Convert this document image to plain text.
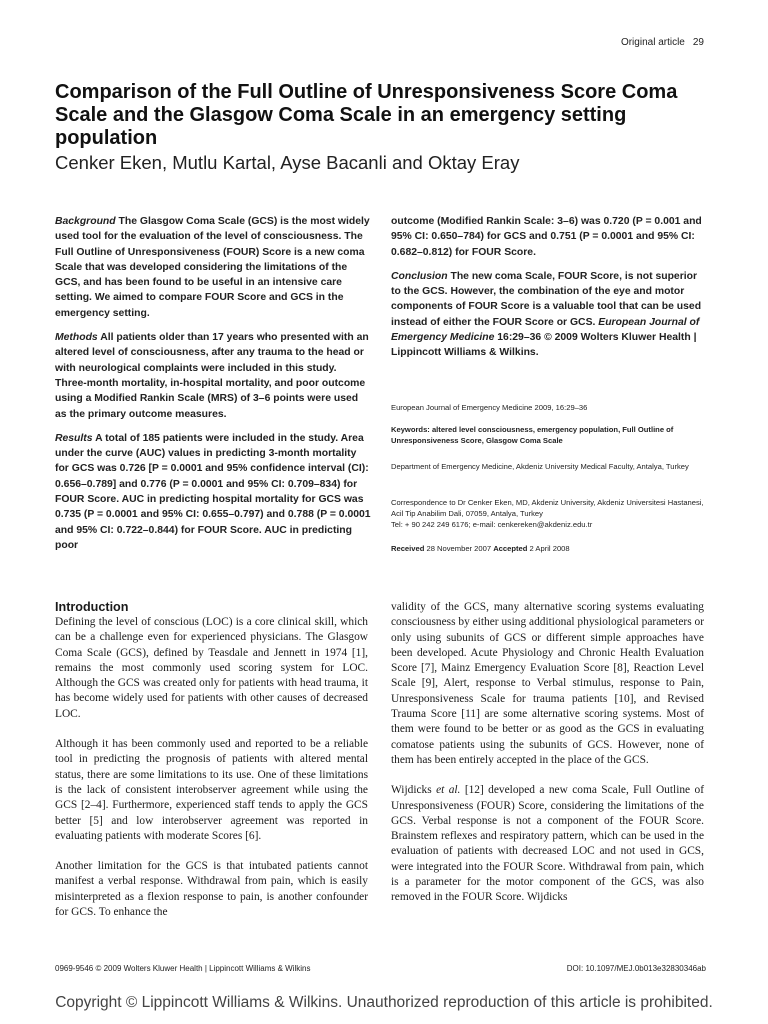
Original article 29
Comparison of the Full Outline of Unresponsiveness Score Coma Scale and the Glasgow Coma Scale in an emergency setting population
Cenker Eken, Mutlu Kartal, Ayse Bacanli and Oktay Eray

Background The Glasgow Coma Scale (GCS) is the most widely used tool for the evaluation of the level of consciousness. The Full Outline of Unresponsiveness (FOUR) Score is a new coma Scale that was developed considering the limitations of the GCS, and has been found to be useful in an intensive care setting. We aimed to compare FOUR Score and GCS in the emergency setting.

Methods All patients older than 17 years who presented with an altered level of consciousness, after any trauma to the head or with neurological complaints were included in this study. Three-month mortality, in-hospital mortality, and poor outcome using a Modified Rankin Scale (MRS) of 3–6 points were used as the primary outcome measures.

Results A total of 185 patients were included in the study. Area under the curve (AUC) values in predicting 3-month mortality for GCS was 0.726 [P = 0.0001 and 95% confidence interval (CI): 0.656–0.789] and 0.776 (P = 0.0001 and 95% CI: 0.709–834) for FOUR Score. AUC in predicting hospital mortality for GCS was 0.735 (P = 0.0001 and 95% CI: 0.655–0.797) and 0.788 (P = 0.0001 and 95% CI: 0.722–0.844) for FOUR Score. AUC in predicting poor

outcome (Modified Rankin Scale: 3–6) was 0.720 (P = 0.001 and 95% CI: 0.650–784) for GCS and 0.751 (P = 0.0001 and 95% CI: 0.682–0.812) for FOUR Score.

Conclusion The new coma Scale, FOUR Score, is not superior to the GCS. However, the combination of the eye and motor components of FOUR Score is a valuable tool that can be used instead of either the FOUR Score or GCS. European Journal of Emergency Medicine 16:29–36 © 2009 Wolters Kluwer Health | Lippincott Williams & Wilkins.

European Journal of Emergency Medicine 2009, 16:29–36
Keywords: altered level consciousness, emergency population, Full Outline of Unresponsiveness Score, Glasgow Coma Scale
Department of Emergency Medicine, Akdeniz University Medical Faculty, Antalya, Turkey
Correspondence to Dr Cenker Eken, MD, Akdeniz University, Akdeniz Universitesi Hastanesi, Acil Tip Anabilim Dali, 07059, Antalya, Turkey
Tel: + 90 242 249 6176; e-mail: cenkereken@akdeniz.edu.tr
Received 28 November 2007 Accepted 2 April 2008
Introduction

Defining the level of conscious (LOC) is a core clinical skill, which can be a challenge even for experienced physicians. The Glasgow Coma Scale (GCS), defined by Teasdale and Jennett in 1974 [1], remains the most commonly used scoring system for LOC. Although the GCS was created only for patients with head trauma, it has become widely used for patients with other causes of decreased LOC.

Although it has been commonly used and reported to be a reliable tool in predicting the prognosis of patients with altered mental status, there are some limitations to its use. One of these limitations is the lack of consistent interobserver agreement while using the GCS [2–4]. Furthermore, experienced staff tends to apply the GCS better [5] and low interobserver agreement was reported in evaluating patients with moderate Scores [6].

Another limitation for the GCS is that intubated patients cannot manifest a verbal response. Withdrawal from pain, which is easily misinterpreted as a flexion response to pain, is another confounder for GCS. To enhance the

validity of the GCS, many alternative scoring systems evaluating consciousness by either using additional physiological parameters or only using subunits of GCS or different simple approaches have been developed. Acute Physiology and Chronic Health Evaluation Score [7], Mainz Emergency Evaluation Score [8], Reaction Level Scale [9], Alert, response to Verbal stimulus, response to Pain, Unresponsiveness Scale for trauma patients [10], and Revised Trauma Score [11] are some alternative scoring systems. Most of them were found to be better or as good as the GCS in evaluating comatose patients using the subunits of GCS. However, none of them has been entirely accepted in the place of the GCS.

Wijdicks et al. [12] developed a new coma Scale, Full Outline of Unresponsiveness (FOUR) Score, considering the limitations of the GCS. Verbal response is not a component of the FOUR Score. Brainstem reflexes and respiratory pattern, which can be used in the evaluation of patients with decreased LOC and not used in GCS, were integrated into the FOUR Score. Withdrawal from pain, which is a parameter for the motor component of the GCS, was also removed in the FOUR Score. Wijdicks

0969-9546 © 2009 Wolters Kluwer Health | Lippincott Williams & Wilkins	DOI: 10.1097/MEJ.0b013e32830346ab
Copyright © Lippincott Williams & Wilkins. Unauthorized reproduction of this article is prohibited.
